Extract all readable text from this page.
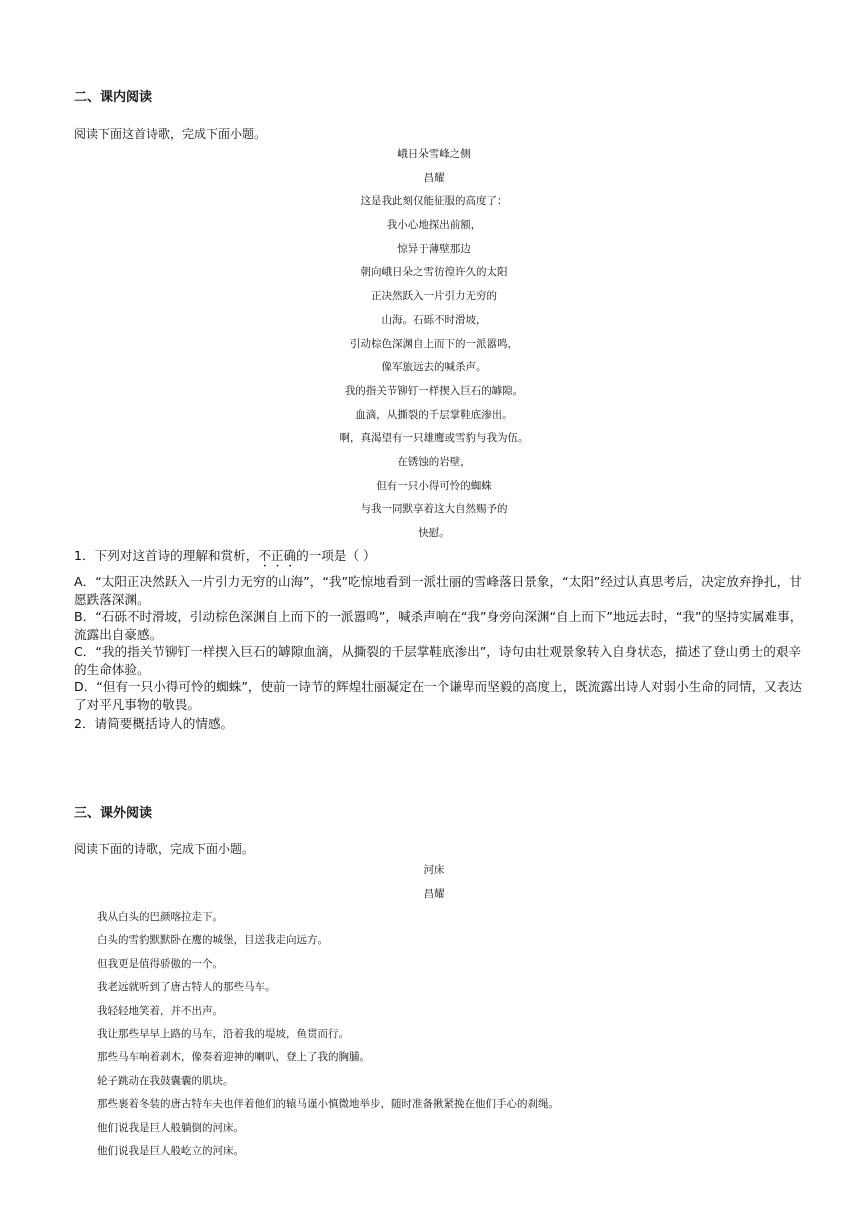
二、课内阅读
阅读下面这首诗歌，完成下面小题。
峨日朵雪峰之侧
昌耀
这是我此刻仅能征服的高度了：
我小心地探出前额，
惊异于薄壁那边
朝向峨日朵之雪彷徨许久的太阳
正决然跃入一片引力无穷的
山海。石砾不时滑坡，
引动棕色深渊自上而下的一派嚣鸣，
像军旅远去的喊杀声。
我的指关节铆钉一样揳入巨石的罅隙。
血滴，从撕裂的千层掌鞋底渗出。
啊，真渴望有一只雄鹰或雪豹与我为伍。
在锈蚀的岩壁，
但有一只小得可怜的蜘蛛
与我一同默享着这大自然赐予的
快慰。

1．下列对这首诗的理解和赏析，不正确的一项是（ ）

A．“太阳正决然跃入一片引力无穷的山海”，“我”吃惊地看到一派壮丽的雪峰落日景象，“太阳”经过认真思考后，决定放弃挣扎，甘愿跌落深渊。

B．“石砾不时滑坡，引动棕色深渊自上而下的一派嚣鸣”，喊杀声响在“我”身旁向深渊“自上而下”地远去时，“我”的坚持实属难事，流露出自豪感。

C．“我的指关节铆钉一样揳入巨石的罅隙血滴，从撕裂的千层掌鞋底渗出”，诗句由壮观景象转入自身状态，描述了登山勇士的艰辛的生命体验。

D．“但有一只小得可怜的蜘蛛”，使前一诗节的辉煌壮丽凝定在一个谦卑而坚毅的高度上，既流露出诗人对弱小生命的同情，又表达了对平凡事物的敬畏。

2．请简要概括诗人的情感。

三、课外阅读
阅读下面的诗歌，完成下面小题。
河床
昌耀
我从白头的巴颜喀拉走下。
白头的雪豹默默卧在鹰的城堡，目送我走向远方。
但我更是值得骄傲的一个。
我老远就听到了唐古特人的那些马车。
我轻轻地笑着，并不出声。
我让那些早早上路的马车，沿着我的堤坡，鱼贯而行。
那些马车响着剥木，像奏着迎神的喇叭，登上了我的胸脯。
轮子跳动在我鼓囊囊的肌块。
那些裹着冬装的唐古特车夫也伴着他们的辕马谨小慎微地举步，随时准备揪紧挽在他们手心的刹绳。
他们说我是巨人般躺倒的河床。
他们说我是巨人般屹立的河床。
